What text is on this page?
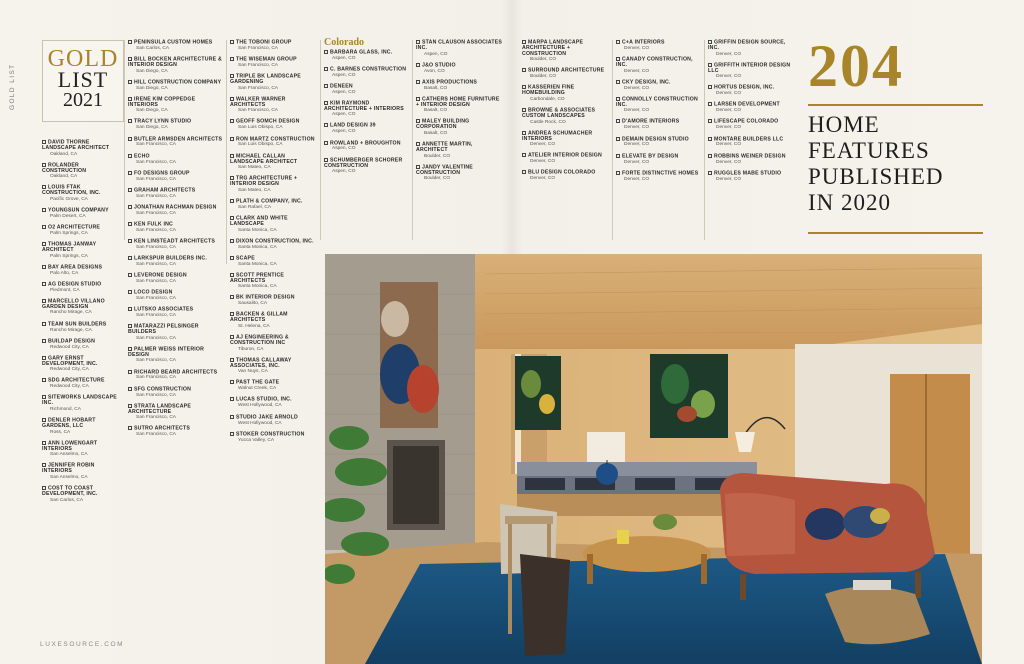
GOLD LIST
LUXESOURCE.COM
GOLD
LIST
2021
DAVID THORNE LANDSCAPE ARCHITECT
Oakland, CA
ROLANDER CONSTRUCTION
Oakland, CA
LOUIS FTAK CONSTRUCTION, INC.
Pacific Grove, CA
YOUNGSUN COMPANY
Palm Desert, CA
O2 ARCHITECTURE
Palm Springs, CA
THOMAS JANWAY ARCHITECT
Palm Springs, CA
BAY AREA DESIGNS
Palo Alto, CA
AG DESIGN STUDIO
Piedmont, CA
MARCELLO VILLANO GARDEN DESIGN
Rancho Mirage, CA
TEAM SUN BUILDERS
Rancho Mirage, CA
BUILDAP DESIGN
Redwood City, CA
GARY ERNST DEVELOPMENT, INC.
Redwood City, CA
SDG ARCHITECTURE
Redwood City, CA
SITEWORKS LANDSCAPE INC.
Richmond, CA
DENLER HOBART GARDENS, LLC
Ross, CA
ANN LOWENGART INTERIORS
San Anselmo, CA
JENNIFER ROBIN INTERIORS
San Anselmo, CA
COST TO COAST DEVELOPMENT, INC.
San Carlos, CA
PENINSULA CUSTOM HOMES
San Carlos, CA
BILL BOCKEN ARCHITECTURE & INTERIOR DESIGN
San Diego, CA
HILL CONSTRUCTION COMPANY
San Diego, CA
IRENE KIM COPPEDGE INTERIORS
San Diego, CA
TRACY LYNN STUDIO
San Diego, CA
BUTLER ARMSDEN ARCHITECTS
San Francisco, CA
ECHO
San Francisco, CA
FO DESIGNS GROUP
San Francisco, CA
GRAHAM ARCHITECTS
San Francisco, CA
JONATHAN RACHMAN DESIGN
San Francisco, CA
KEN FULK INC
San Francisco, CA
KEN LINSTEADT ARCHITECTS
San Francisco, CA
LARKSPUR BUILDERS INC.
San Francisco, CA
LEVERONE DESIGN
San Francisco, CA
LOCO DESIGN
San Francisco, CA
LUTSKO ASSOCIATES
San Francisco, CA
MATARAZZI PELSINGER BUILDERS
San Francisco, CA
PALMER WEISS INTERIOR DESIGN
San Francisco, CA
RICHARD BEARD ARCHITECTS
San Francisco, CA
SFG CONSTRUCTION
San Francisco, CA
STRATA LANDSCAPE ARCHITECTURE
San Francisco, CA
SUTRO ARCHITECTS
San Francisco, CA
THE TOBONI GROUP
San Francisco, CA
THE WISEMAN GROUP
San Francisco, CA
TRIPLE BK LANDSCAPE GARDENING
San Francisco, CA
WALKER WARNER ARCHITECTS
San Francisco, CA
GEOFF SOMCH DESIGN
San Luis Obispo, CA
RON MARTZ CONSTRUCTION
San Luis Obispo, CA
MICHAEL CALLAN LANDSCAPE ARCHITECT
San Mateo, CA
TRG ARCHITECTURE + INTERIOR DESIGN
San Mateo, CA
PLATH & COMPANY, INC.
San Rafael, CA
CLARK AND WHITE LANDSCAPE
Santa Monica, CA
DIXON CONSTRUCTION, INC.
Santa Monica, CA
SCAPE
Santa Monica, CA
SCOTT PRENTICE ARCHITECTS
Santa Monica, CA
BK INTERIOR DESIGN
Sausalito, CA
BACKEN & GILLAM ARCHITECTS
St. Helena, CA
AJ ENGINEERING & CONSTRUCTION INC
Tiburon, CA
THOMAS CALLAWAY ASSOCIATES, INC.
Van Nuys, CA
PAST THE GATE
Walnut Creek, CA
LUCAS STUDIO, INC.
West Hollywood, CA
STUDIO JAKE ARNOLD
West Hollywood, CA
STOKER CONSTRUCTION
Yucca Valley, CA
Colorado
BARBARA GLASS, INC.
Aspen, CO
C. BARNES CONSTRUCTION
Aspen, CO
DENEEN
Aspen, CO
KIM RAYMOND ARCHITECTURE + INTERIORS
Aspen, CO
LAND DESIGN 39
Aspen, CO
ROWLAND + BROUGHTON
Aspen, CO
SCHUMBERGER SCHORER CONSTRUCTION
Aspen, CO
STAN CLAUSON ASSOCIATES INC.
Aspen, CO
J&O STUDIO
Avon, CO
AXIS PRODUCTIONS
Basalt, CO
CATHERS HOME FURNITURE + INTERIOR DESIGN
Basalt, CO
MALEY BUILDING CORPORATION
Basalt, CO
ANNETTE MARTIN, ARCHITECT
Boulder, CO
JANDY VALENTINE CONSTRUCTION
Boulder, CO
MARPA LANDSCAPE ARCHITECTURE + CONSTRUCTION
Boulder, CO
SURROUND ARCHITECTURE
Boulder, CO
KASSERIEN FINE HOMEBUILDING
Carbondale, CO
BROWNE & ASSOCIATES CUSTOM LANDSCAPES
Castle Rock, CO
ANDREA SCHUMACHER INTERIORS
Denver, CO
ATELIER INTERIOR DESIGN
Denver, CO
BLU DESIGN COLORADO
Denver, CO
C+A INTERIORS
Denver, CO
CANADY CONSTRUCTION, INC.
Denver, CO
CKY DESIGN, INC.
Denver, CO
CONNOLLY CONSTRUCTION INC.
Denver, CO
D'AMORE INTERIORS
Denver, CO
DEMAIN DESIGN STUDIO
Denver, CO
ELEVATE BY DESIGN
Denver, CO
FORTE DISTINCTIVE HOMES
Denver, CO
GRIFFIN DESIGN SOURCE, INC.
Denver, CO
GRIFFITH INTERIOR DESIGN LLC
Denver, CO
HORTUS DESIGN, INC.
Denver, CO
LARSEN DEVELOPMENT
Denver, CO
LIFESCAPE COLORADO
Denver, CO
MONTARE BUILDERS LLC
Denver, CO
ROBBINS WEINER DESIGN
Denver, CO
RUGGLES MABE STUDIO
Denver, CO
204
HOME
FEATURES
PUBLISHED
IN 2020
